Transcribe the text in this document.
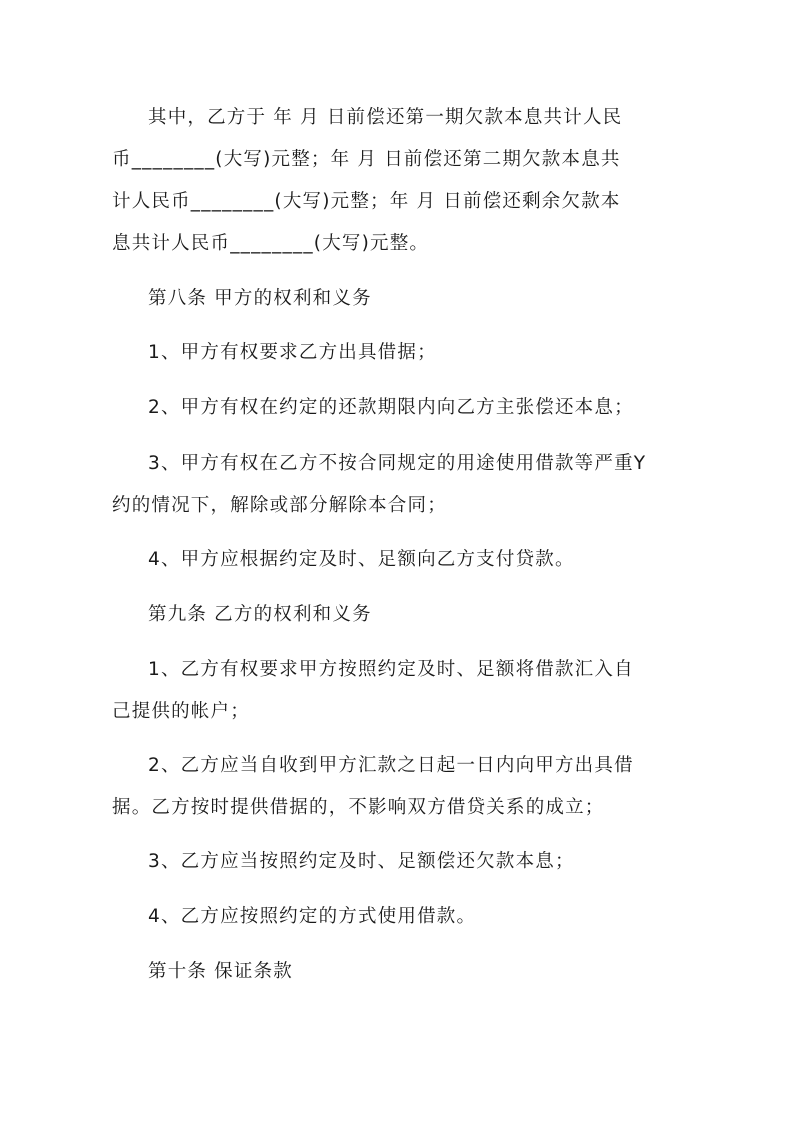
其中，乙方于 年 月 日前偿还第一期欠款本息共计人民
币________(大写)元整；年 月 日前偿还第二期欠款本息共
计人民币________(大写)元整；年 月 日前偿还剩余欠款本
息共计人民币________(大写)元整。
第八条 甲方的权利和义务
1、甲方有权要求乙方出具借据；
2、甲方有权在约定的还款期限内向乙方主张偿还本息；
3、甲方有权在乙方不按合同规定的用途使用借款等严重Y
约的情况下，解除或部分解除本合同；
4、甲方应根据约定及时、足额向乙方支付贷款。
第九条 乙方的权利和义务
1、乙方有权要求甲方按照约定及时、足额将借款汇入自
己提供的帐户；
2、乙方应当自收到甲方汇款之日起一日内向甲方出具借
据。乙方按时提供借据的，不影响双方借贷关系的成立；
3、乙方应当按照约定及时、足额偿还欠款本息；
4、乙方应按照约定的方式使用借款。
第十条 保证条款
